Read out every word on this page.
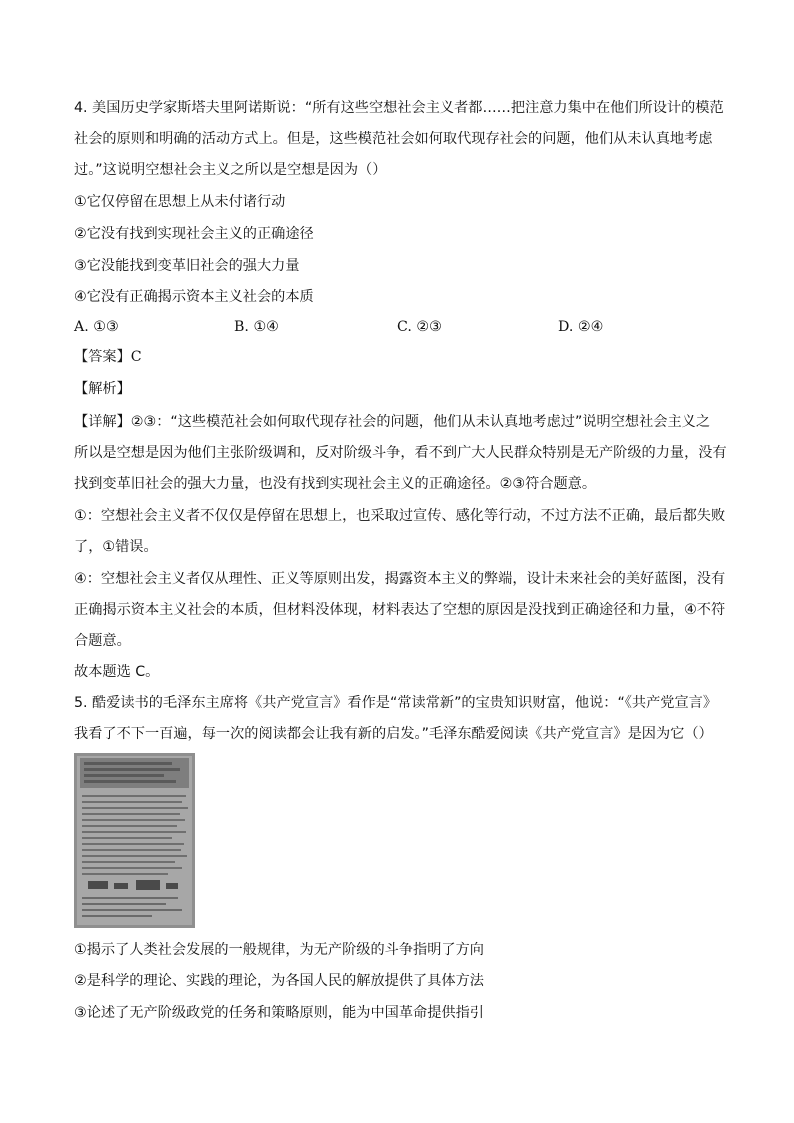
4. 美国历史学家斯塔夫里阿诺斯说：“所有这些空想社会主义者都……把注意力集中在他们所设计的模范
社会的原则和明确的活动方式上。但是，这些模范社会如何取代现存社会的问题，他们从未认真地考虑
过。”这说明空想社会主义之所以是空想是因为（）
①它仅停留在思想上从未付诸行动
②它没有找到实现社会主义的正确途径
③它没能找到变革旧社会的强大力量
④它没有正确揭示资本主义社会的本质
A. ①③	B. ①④	C. ②③	D. ②④
【答案】C
【解析】
【详解】②③：“这些模范社会如何取代现存社会的问题，他们从未认真地考虑过”说明空想社会主义之
所以是空想是因为他们主张阶级调和，反对阶级斗争，看不到广大人民群众特别是无产阶级的力量，没有
找到变革旧社会的强大力量，也没有找到实现社会主义的正确途径。②③符合题意。
①：空想社会主义者不仅仅是停留在思想上，也采取过宣传、感化等行动，不过方法不正确，最后都失败
了，①错误。
④：空想社会主义者仅从理性、正义等原则出发，揭露资本主义的弊端，设计未来社会的美好蓝图，没有
正确揭示资本主义社会的本质，但材料没体现，材料表达了空想的原因是没找到正确途径和力量，④不符
合题意。
故本题选 C。
5. 酷爱读书的毛泽东主席将《共产党宣言》看作是“常读常新”的宝贵知识财富，他说：“《共产党宣言》
我看了不下一百遍，每一次的阅读都会让我有新的启发。”毛泽东酷爱阅读《共产党宣言》是因为它（）
①揭示了人类社会发展的一般规律，为无产阶级的斗争指明了方向
②是科学的理论、实践的理论，为各国人民的解放提供了具体方法
③论述了无产阶级政党的任务和策略原则，能为中国革命提供指引
